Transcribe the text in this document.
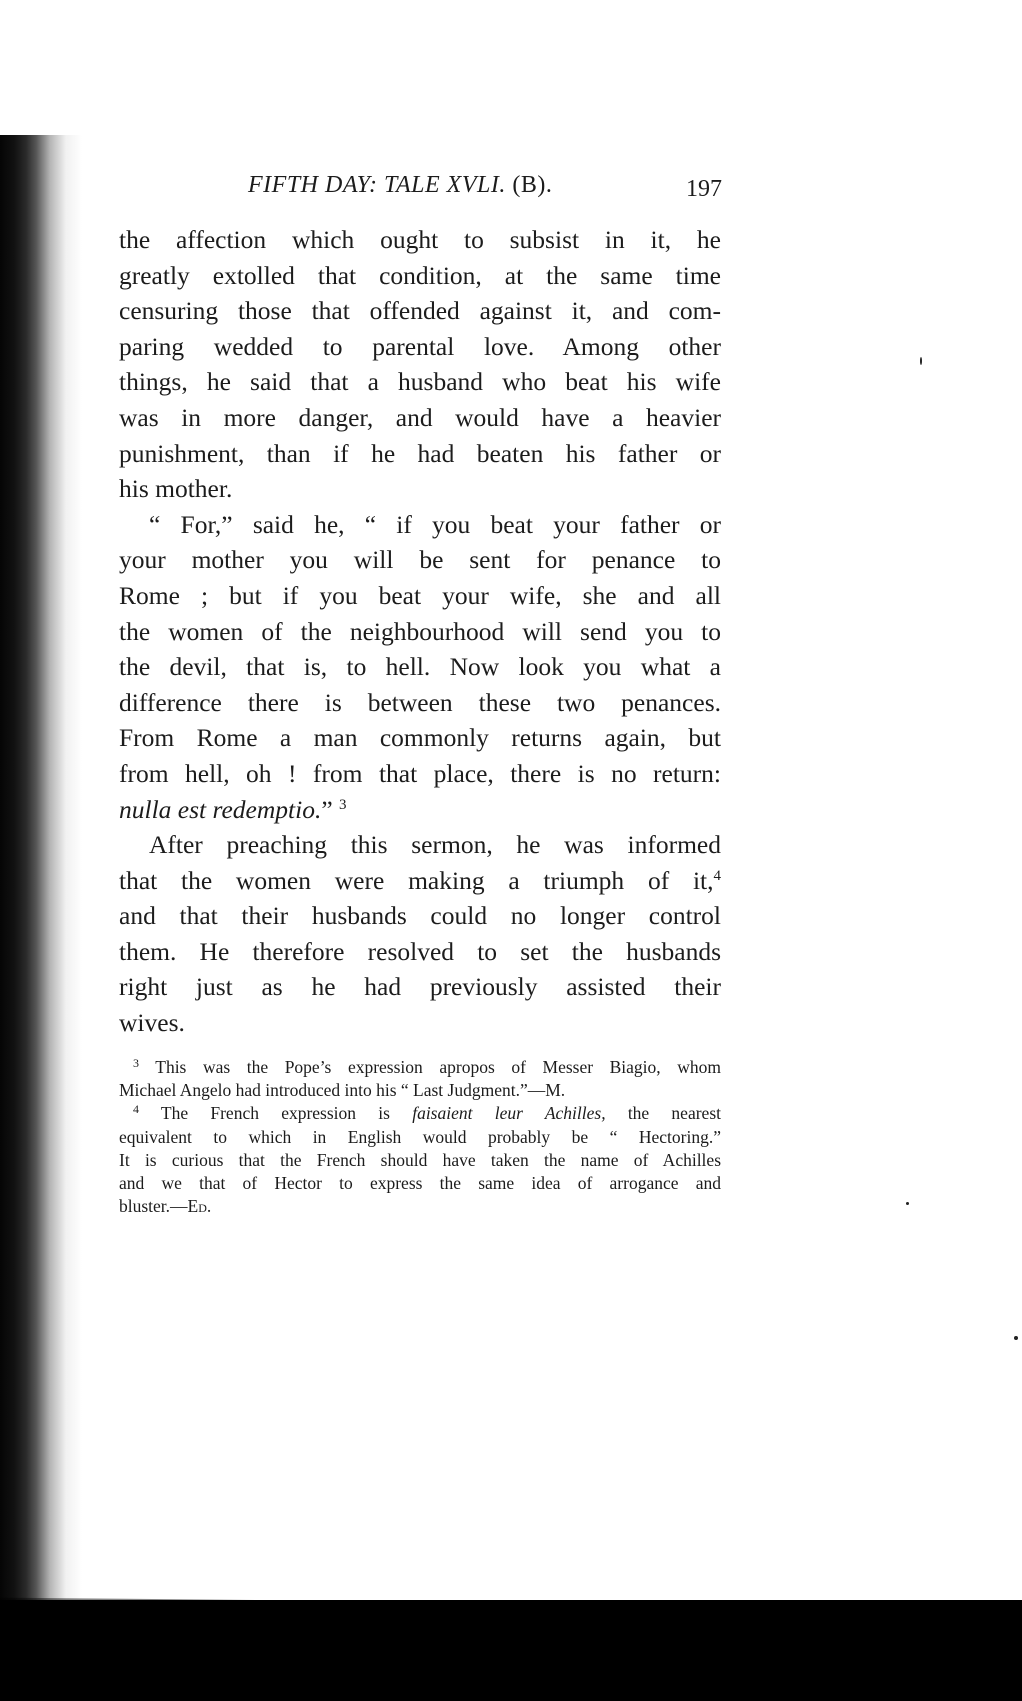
FIFTH DAY: TALE XVLI. (B).	197
the affection which ought to subsist in it, he
greatly extolled that condition, at the same time
censuring those that offended against it, and com-
paring wedded to parental love. Among other
things, he said that a husband who beat his wife
was in more danger, and would have a heavier
punishment, than if he had beaten his father or
his mother.
“ For,” said he, “ if you beat your father or
your mother you will be sent for penance to
Rome ; but if you beat your wife, she and all
the women of the neighbourhood will send you to
the devil, that is, to hell. Now look you what a
difference there is between these two penances.
From Rome a man commonly returns again, but
from hell, oh ! from that place, there is no return:
nulla est redemptio.” $^3$
After preaching this sermon, he was informed
that the women were making a triumph of it,$^4$
and that their husbands could no longer control
them. He therefore resolved to set the husbands
right just as he had previously assisted their
wives.
$^3$ This was the Pope’s expression apropos of Messer Biagio, whom
Michael Angelo had introduced into his “ Last Judgment.”—M.
$^4$ The French expression is faisaient leur Achilles, the nearest
equivalent to which in English would probably be “ Hectoring.”
It is curious that the French should have taken the name of Achilles
and we that of Hector to express the same idea of arrogance and
bluster.—Ed.
